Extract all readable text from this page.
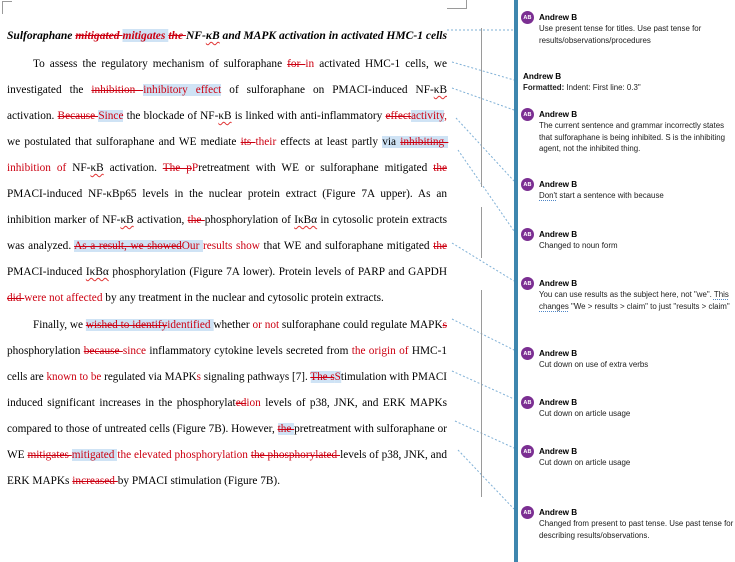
Sulforaphane mitigated mitigates the NF-κB and MAPK activation in activated HMC-1 cells
To assess the regulatory mechanism of sulforaphane for in activated HMC-1 cells, we
investigated the inhibition inhibitory effect of sulforaphane on PMACI-induced NF-κB
activation. Because Since the blockade of NF-κB is linked with anti-inflammatory effectactivity,
we postulated that sulforaphane and WE mediate its their effects at least partly via inhibiting
inhibition of NF-κB activation. The pPretreatment with WE or sulforaphane mitigated the
PMACI-induced NF-κBp65 levels in the nuclear protein extract (Figure 7A upper). As an
inhibition marker of NF-κB activation, the phosphorylation of IκBα in cytosolic protein extracts
was analyzed. As a result, we showedOur results show that WE and sulforaphane mitigated the
PMACI-induced IκBα phosphorylation (Figure 7A lower). Protein levels of PARP and GAPDH
did were not affected by any treatment in the nuclear and cytosolic protein extracts.
Finally, we wished to identifyidentified whether or not sulforaphane could regulate MAPKs
phosphorylation because since inflammatory cytokine levels secreted from the origin of HMC-1
cells are known to be regulated via MAPKs signaling pathways [7]. The sStimulation with PMACI
induced significant increases in the phosphorylatedion levels of p38, JNK, and ERK MAPKs
compared to those of untreated cells (Figure 7B). However, the pretreatment with sulforaphane or
WE mitigates mitigated the elevated phosphorylation the phosphorylated levels of p38, JNK, and
ERK MAPKs increased by PMACI stimulation (Figure 7B).
AB Andrew B
Use present tense for titles. Use past tense for results/observations/procedures
Andrew B
Formatted: Indent: First line: 0.3"
AB Andrew B
The current sentence and grammar incorrectly states that sulforaphane is being inhibited. S is the inhibiting agent, not the inhibited thing.
AB Andrew B
Don't start a sentence with because
AB Andrew B
Changed to noun form
AB Andrew B
You can use results as the subject here, not "we". This changes "We > results > claim" to just "results > claim"
AB Andrew B
Cut down on use of extra verbs
AB Andrew B
Cut down on article usage
AB Andrew B
Cut down on article usage
AB Andrew B
Changed from present to past tense. Use past tense for describing results/observations.
